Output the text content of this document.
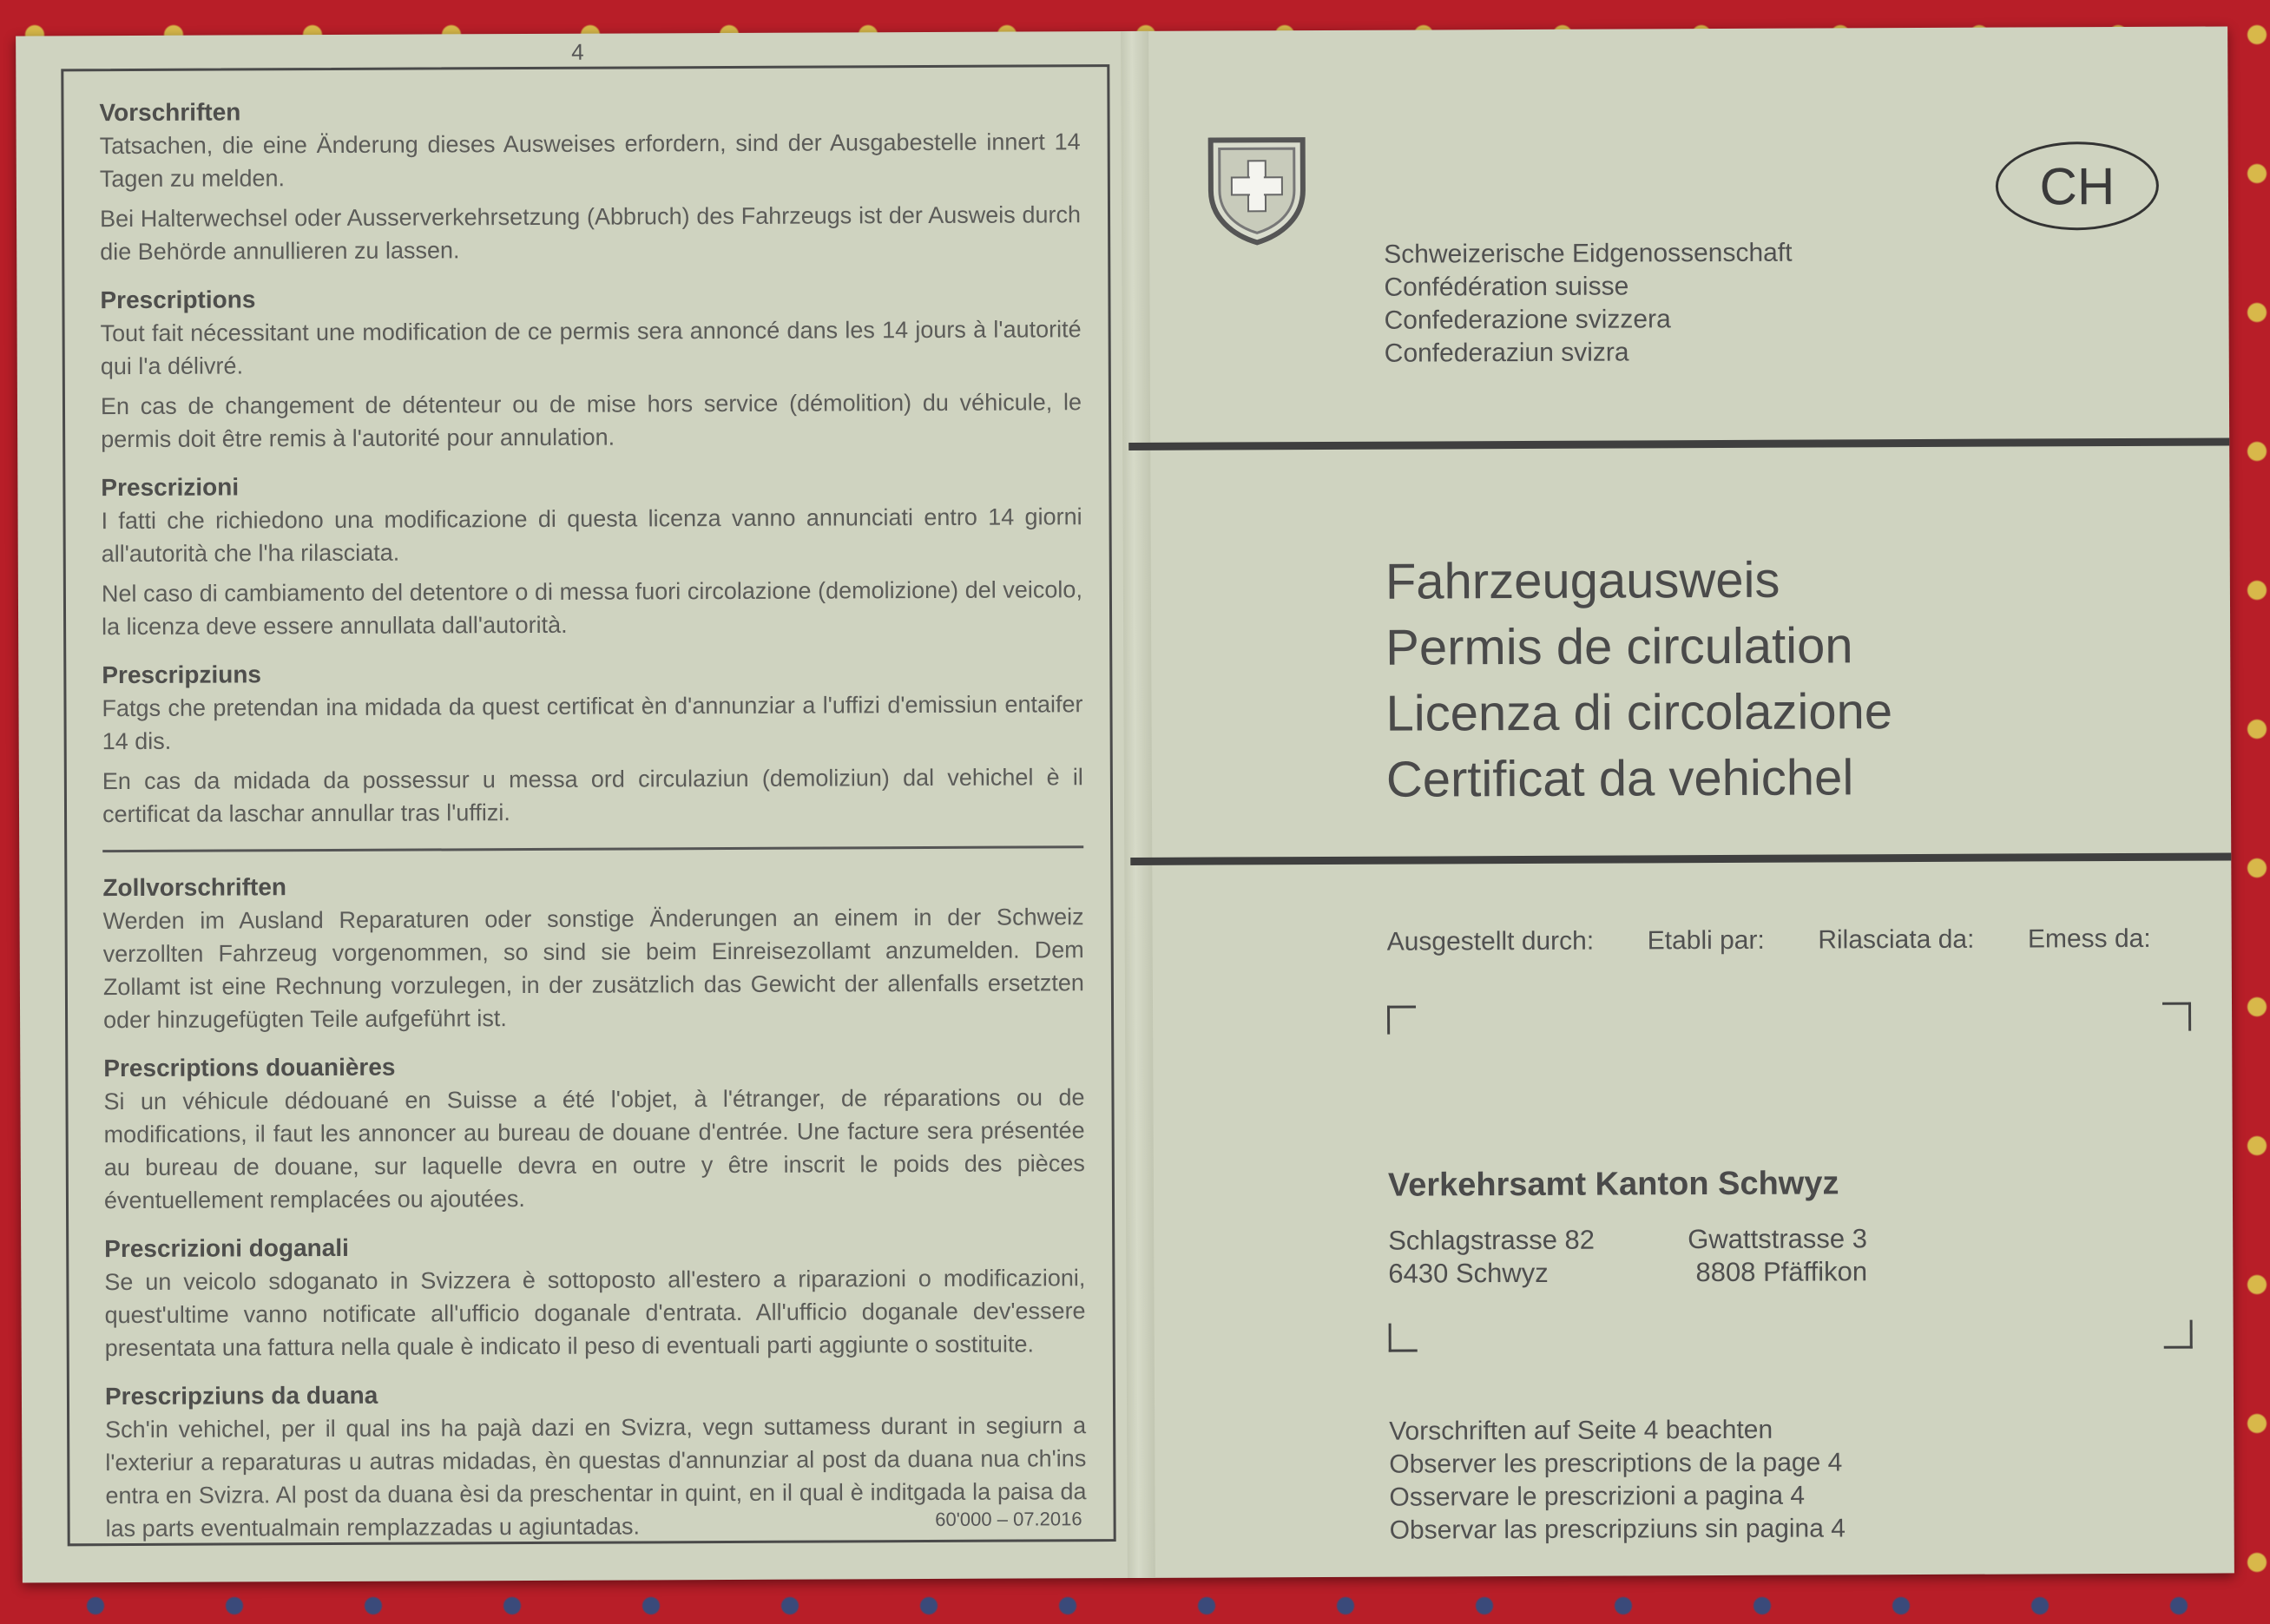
4
60'000 – 07.2016
Vorschriften

Tatsachen, die eine Änderung dieses Ausweises erfordern, sind der Ausgabestelle innert 14 Tagen zu melden.

Bei Halterwechsel oder Ausserverkehrsetzung (Abbruch) des Fahrzeugs ist der Ausweis durch die Behörde annullieren zu lassen.

Prescriptions

Tout fait nécessitant une modification de ce permis sera annoncé dans les 14 jours à l'autorité qui l'a délivré.

En cas de changement de détenteur ou de mise hors service (démolition) du véhicule, le permis doit être remis à l'autorité pour annulation.

Prescrizioni

I fatti che richiedono una modificazione di questa licenza vanno annunciati entro 14 giorni all'autorità che l'ha rilasciata.

Nel caso di cambiamento del detentore o di messa fuori circolazione (demolizione) del veicolo, la licenza deve essere annullata dall'autorità.

Prescripziuns

Fatgs che pretendan ina midada da quest certificat èn d'annunziar a l'uffizi d'emissiun entaifer 14 dis.

En cas da midada da possessur u messa ord circulaziun (demoliziun) dal vehichel è il certificat da laschar annullar tras l'uffizi.

Zollvorschriften

Werden im Ausland Reparaturen oder sonstige Änderungen an einem in der Schweiz verzollten Fahrzeug vorgenommen, so sind sie beim Einreisezollamt anzumelden. Dem Zollamt ist eine Rechnung vorzulegen, in der zusätzlich das Gewicht der allenfalls ersetzten oder hinzugefügten Teile aufgeführt ist.

Prescriptions douanières

Si un véhicule dédouané en Suisse a été l'objet, à l'étranger, de réparations ou de modifications, il faut les annoncer au bureau de douane d'entrée. Une facture sera présentée au bureau de douane, sur laquelle devra en outre y être inscrit le poids des pièces éventuellement remplacées ou ajoutées.

Prescrizioni doganali

Se un veicolo sdoganato in Svizzera è sottoposto all'estero a riparazioni o modificazioni, quest'ultime vanno notificate all'ufficio doganale d'entrata. All'ufficio doganale dev'essere presentata una fattura nella quale è indicato il peso di eventuali parti aggiunte o sostituite.

Prescripziuns da duana

Sch'in vehichel, per il qual ins ha pajà dazi en Svizra, vegn suttamess durant in segiurn a l'exteriur a reparaturas u autras midadas, èn questas d'annunziar al post da duana nua ch'ins entra en Svizra. Al post da duana èsi da preschentar in quint, en il qual è inditgada la paisa da las parts eventualmain remplazzadas u agiuntadas.

CH
Schweizerische Eidgenossenschaft
Confédération suisse
Confederazione svizzera
Confederaziun svizra
Fahrzeugausweis
Permis de circulation
Licenza di circolazione
Certificat da vehichel
Ausgestellt durch: Etabli par: Rilasciata da: Emess da:
Verkehrsamt Kanton Schwyz
Schlagstrasse 82
6430 Schwyz
Gwattstrasse 3
8808 Pfäffikon
Vorschriften auf Seite 4 beachten
Observer les prescriptions de la page 4
Osservare le prescrizioni a pagina 4
Observar las prescripziuns sin pagina 4
